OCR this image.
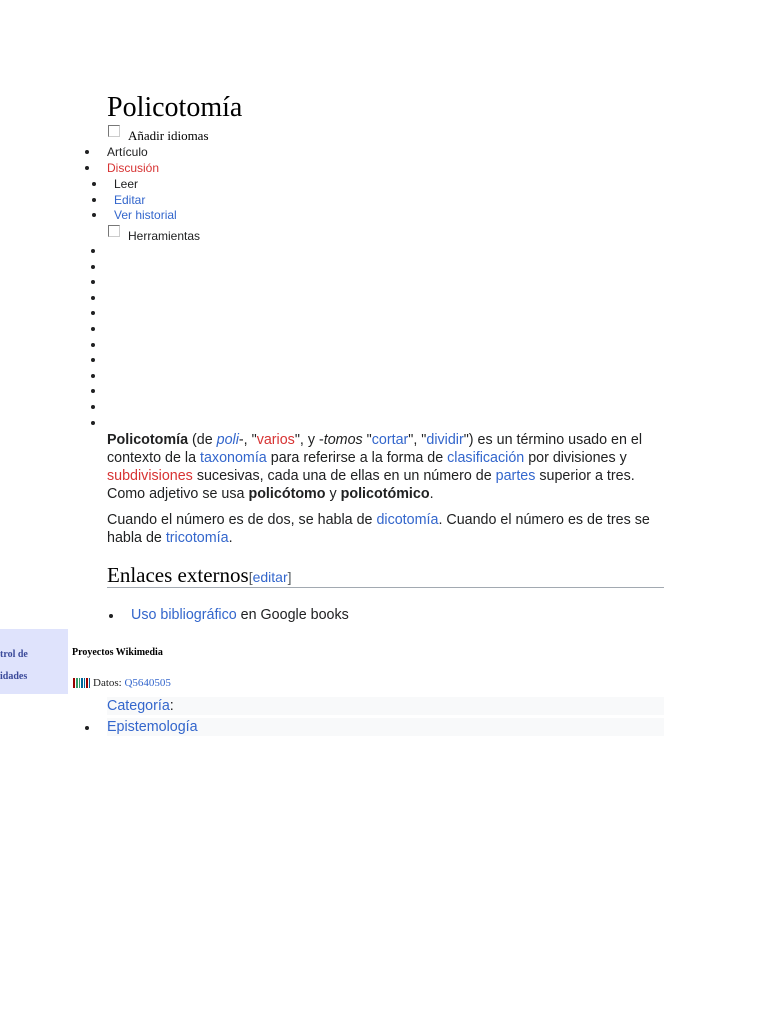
Policotomía
Añadir idiomas
Artículo
Discusión
Leer
Editar
Ver historial
Herramientas

Policotomía (de poli-, "varios", y -tomos "cortar", "dividir") es un término usado en el contexto de la taxonomía para referirse a la forma de clasificación por divisiones y subdivisiones sucesivas, cada una de ellas en un número de partes superior a tres. Como adjetivo se usa policótomo y policotómico.

Cuando el número es de dos, se habla de dicotomía. Cuando el número es de tres se habla de tricotomía.

Enlaces externos[editar]
Uso bibliográfico en Google books
trol de
idades
Proyectos Wikimedia
Datos: Q5640505
Categoría:
Epistemología
